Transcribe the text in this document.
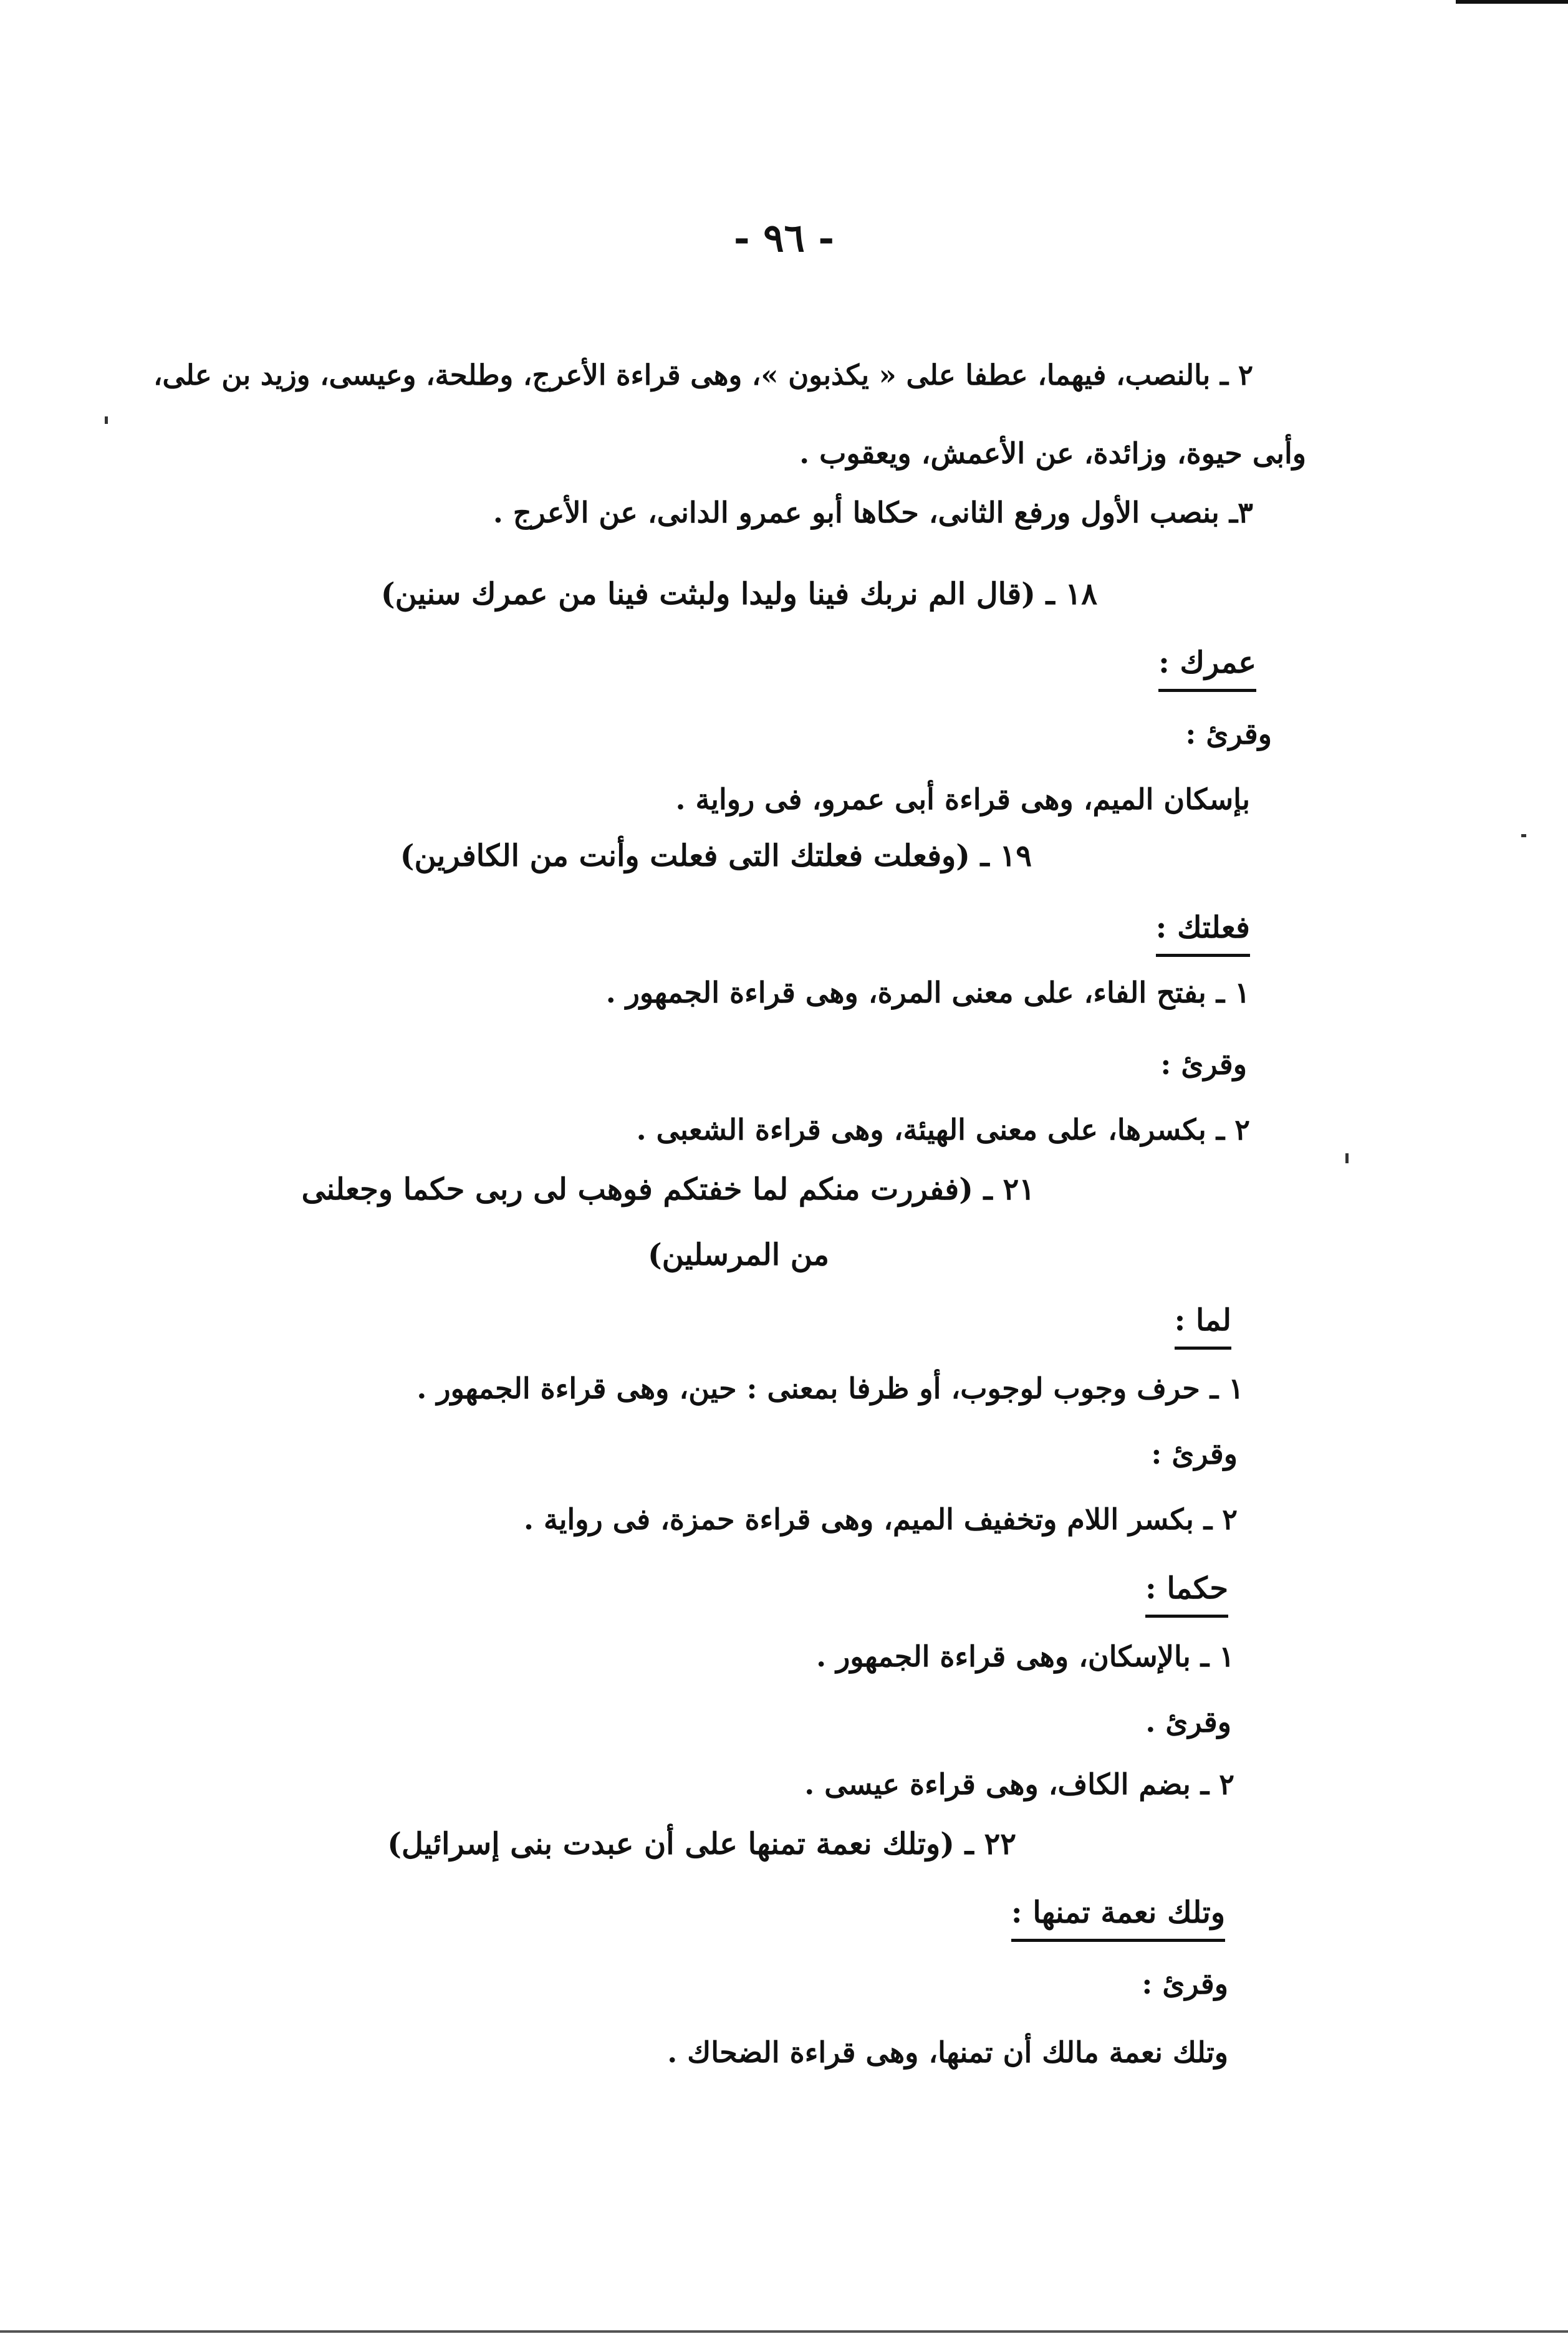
- ٩٦ -
٢ ـ بالنصب، فيهما، عطفا على « يكذبون »، وهى قراءة الأعرج، وطلحة، وعيسى، وزيد بن على،
وأبى حيوة، وزائدة، عن الأعمش، ويعقوب .
٣ـ بنصب الأول ورفع الثانى، حكاها أبو عمرو الدانى، عن الأعرج .
١٨ ـ (قال الم نربك فينا وليدا ولبثت فينا من عمرك سنين)
عمرك :
وقرئ :
بإسكان الميم، وهى قراءة أبى عمرو، فى رواية .
١٩ ـ (وفعلت فعلتك التى فعلت وأنت من الكافرين)
فعلتك :
١ ـ بفتح الفاء، على معنى المرة، وهى قراءة الجمهور .
وقرئ :
٢ ـ بكسرها، على معنى الهيئة، وهى قراءة الشعبى .
٢١ ـ (ففررت منكم لما خفتكم فوهب لى ربى حكما وجعلنى
من المرسلين)
لما :
١ ـ حرف وجوب لوجوب، أو ظرفا بمعنى : حين، وهى قراءة الجمهور .
وقرئ :
٢ ـ بكسر اللام وتخفيف الميم، وهى قراءة حمزة، فى رواية .
حكما :
١ ـ بالإسكان، وهى قراءة الجمهور .
وقرئ .
٢ ـ بضم الكاف، وهى قراءة عيسى .
٢٢ ـ (وتلك نعمة تمنها على أن عبدت بنى إسرائيل)
وتلك نعمة تمنها :
وقرئ :
وتلك نعمة مالك أن تمنها، وهى قراءة الضحاك .
